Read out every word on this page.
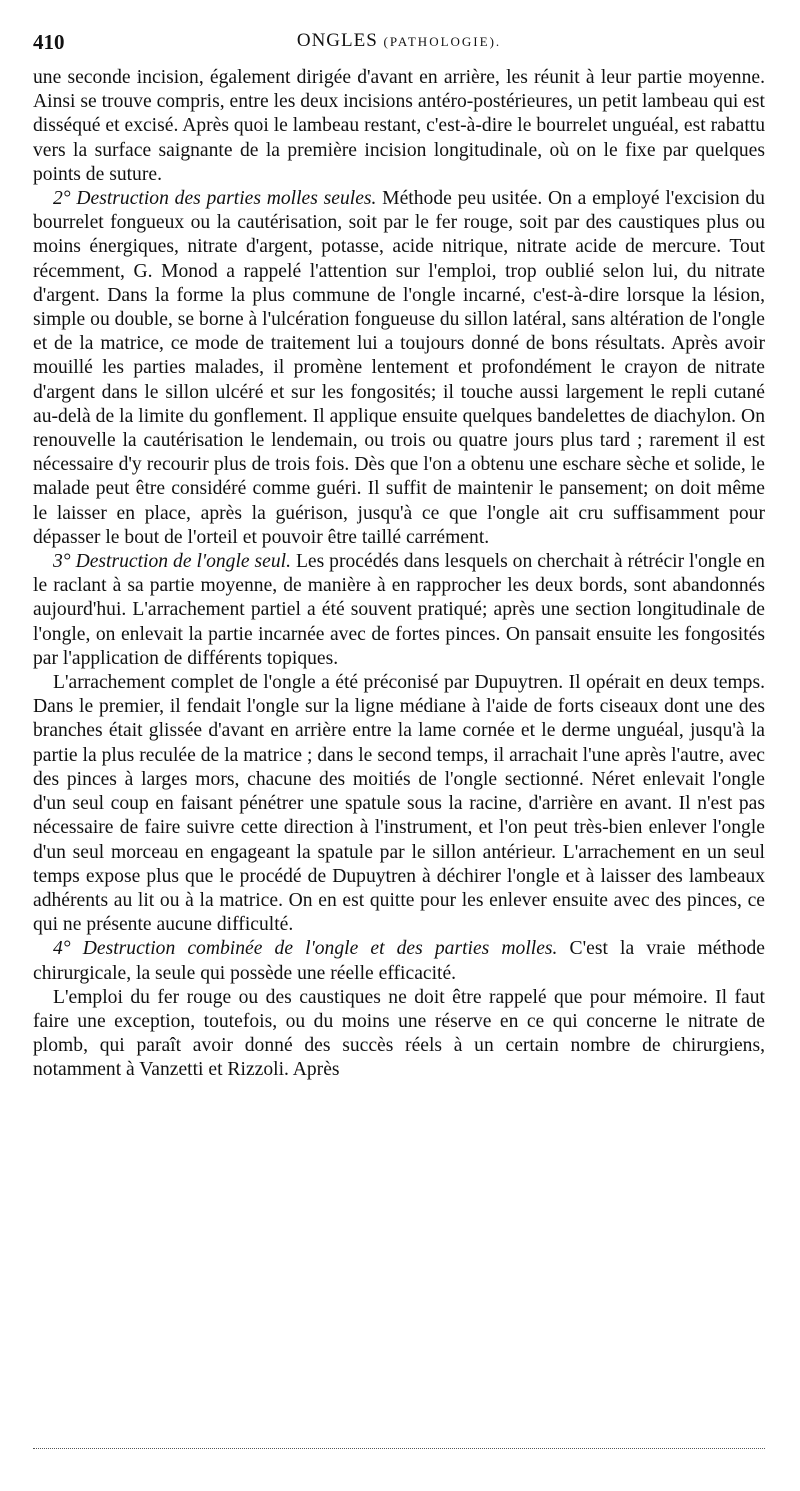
410	ONGLES (PATHOLOGIE).

une seconde incision, également dirigée d'avant en arrière, les réunit à leur partie moyenne. Ainsi se trouve compris, entre les deux incisions antéro-postérieures, un petit lambeau qui est disséqué et excisé. Après quoi le lambeau restant, c'est-à-dire le bourrelet unguéal, est rabattu vers la surface saignante de la première incision longitudinale, où on le fixe par quelques points de suture.

2° Destruction des parties molles seules. Méthode peu usitée. On a employé l'excision du bourrelet fongueux ou la cautérisation, soit par le fer rouge, soit par des caustiques plus ou moins énergiques, nitrate d'argent, potasse, acide nitrique, nitrate acide de mercure. Tout récemment, G. Monod a rappelé l'attention sur l'emploi, trop oublié selon lui, du nitrate d'argent. Dans la forme la plus commune de l'ongle incarné, c'est-à-dire lorsque la lésion, simple ou double, se borne à l'ulcération fongueuse du sillon latéral, sans altération de l'ongle et de la matrice, ce mode de traitement lui a toujours donné de bons résultats. Après avoir mouillé les parties malades, il promène lentement et profondément le crayon de nitrate d'argent dans le sillon ulcéré et sur les fongosités; il touche aussi largement le repli cutané au-delà de la limite du gonflement. Il applique ensuite quelques bandelettes de diachylon. On renouvelle la cautérisation le lendemain, ou trois ou quatre jours plus tard ; rarement il est nécessaire d'y recourir plus de trois fois. Dès que l'on a obtenu une eschare sèche et solide, le malade peut être considéré comme guéri. Il suffit de maintenir le pansement; on doit même le laisser en place, après la guérison, jusqu'à ce que l'ongle ait cru suffisamment pour dépasser le bout de l'orteil et pouvoir être taillé carrément.

3° Destruction de l'ongle seul. Les procédés dans lesquels on cherchait à rétrécir l'ongle en le raclant à sa partie moyenne, de manière à en rapprocher les deux bords, sont abandonnés aujourd'hui. L'arrachement partiel a été souvent pratiqué; après une section longitudinale de l'ongle, on enlevait la partie incarnée avec de fortes pinces. On pansait ensuite les fongosités par l'application de différents topiques.

L'arrachement complet de l'ongle a été préconisé par Dupuytren. Il opérait en deux temps. Dans le premier, il fendait l'ongle sur la ligne médiane à l'aide de forts ciseaux dont une des branches était glissée d'avant en arrière entre la lame cornée et le derme unguéal, jusqu'à la partie la plus reculée de la matrice ; dans le second temps, il arrachait l'une après l'autre, avec des pinces à larges mors, chacune des moitiés de l'ongle sectionné. Néret enlevait l'ongle d'un seul coup en faisant pénétrer une spatule sous la racine, d'arrière en avant. Il n'est pas nécessaire de faire suivre cette direction à l'instrument, et l'on peut très-bien enlever l'ongle d'un seul morceau en engageant la spatule par le sillon antérieur. L'arrachement en un seul temps expose plus que le procédé de Dupuytren à déchirer l'ongle et à laisser des lambeaux adhérents au lit ou à la matrice. On en est quitte pour les enlever ensuite avec des pinces, ce qui ne présente aucune difficulté.

4° Destruction combinée de l'ongle et des parties molles. C'est la vraie méthode chirurgicale, la seule qui possède une réelle efficacité.

L'emploi du fer rouge ou des caustiques ne doit être rappelé que pour mémoire. Il faut faire une exception, toutefois, ou du moins une réserve en ce qui concerne le nitrate de plomb, qui paraît avoir donné des succès réels à un certain nombre de chirurgiens, notamment à Vanzetti et Rizzoli. Après
